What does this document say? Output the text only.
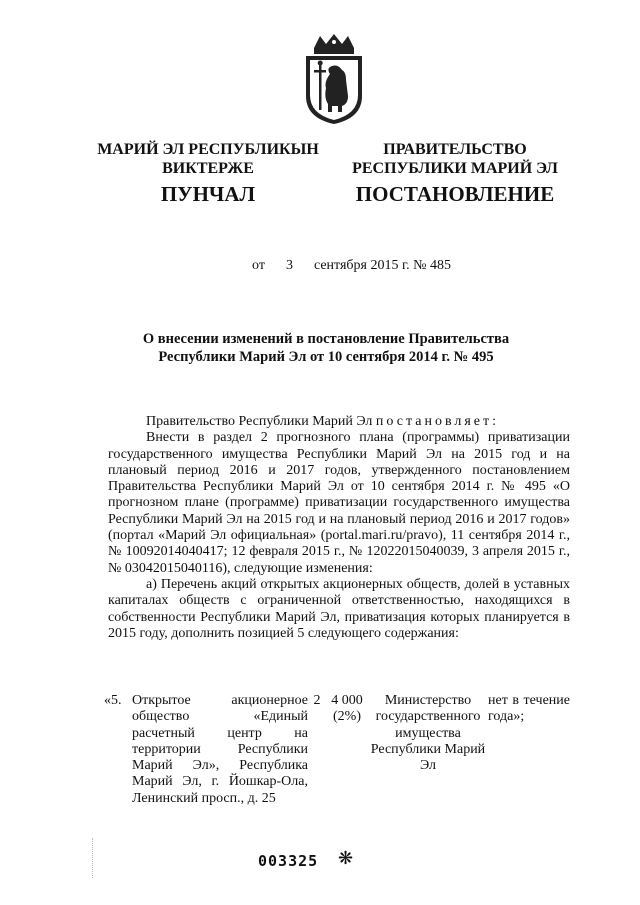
МАРИЙ ЭЛ РЕСПУБЛИКЫН
ВИКТЕРЖЕ
ПУНЧАЛ
ПРАВИТЕЛЬСТВО
РЕСПУБЛИКИ МАРИЙ ЭЛ
ПОСТАНОВЛЕНИЕ
от 3 сентября 2015 г. № 485
О внесении изменений в постановление Правительства
Республики Марий Эл от 10 сентября 2014 г. № 495

Правительство Республики Марий Эл постановляет:

Внести в раздел 2 прогнозного плана (программы) приватизации государственного имущества Республики Марий Эл на 2015 год и на плановый период 2016 и 2017 годов, утвержденного постановлением Правительства Республики Марий Эл от 10 сентября 2014 г. № 495 «О прогнозном плане (программе) приватизации государственного имущества Республики Марий Эл на 2015 год и на плановый период 2016 и 2017 годов» (портал «Марий Эл официальная» (portal.mari.ru/pravo), 11 сентября 2014 г., № 10092014040417; 12 февраля 2015 г., № 12022015040039, 3 апреля 2015 г., № 03042015040116), следующие изменения:

а) Перечень акций открытых акционерных обществ, долей в уставных капиталах обществ с ограниченной ответственностью, находящихся в собственности Республики Марий Эл, приватизация которых планируется в 2015 году, дополнить позицией 5 следующего содержания:

«5. Открытое акционерное общество «Единый расчетный центр на территории Республики Марий Эл», Республика Марий Эл, г. Йошкар-Ола, Ленинский просп., д. 25
2 4 000
(2%)
Министерство государственного имущества Республики Марий Эл
нет в течение года»;
003325 ❋
